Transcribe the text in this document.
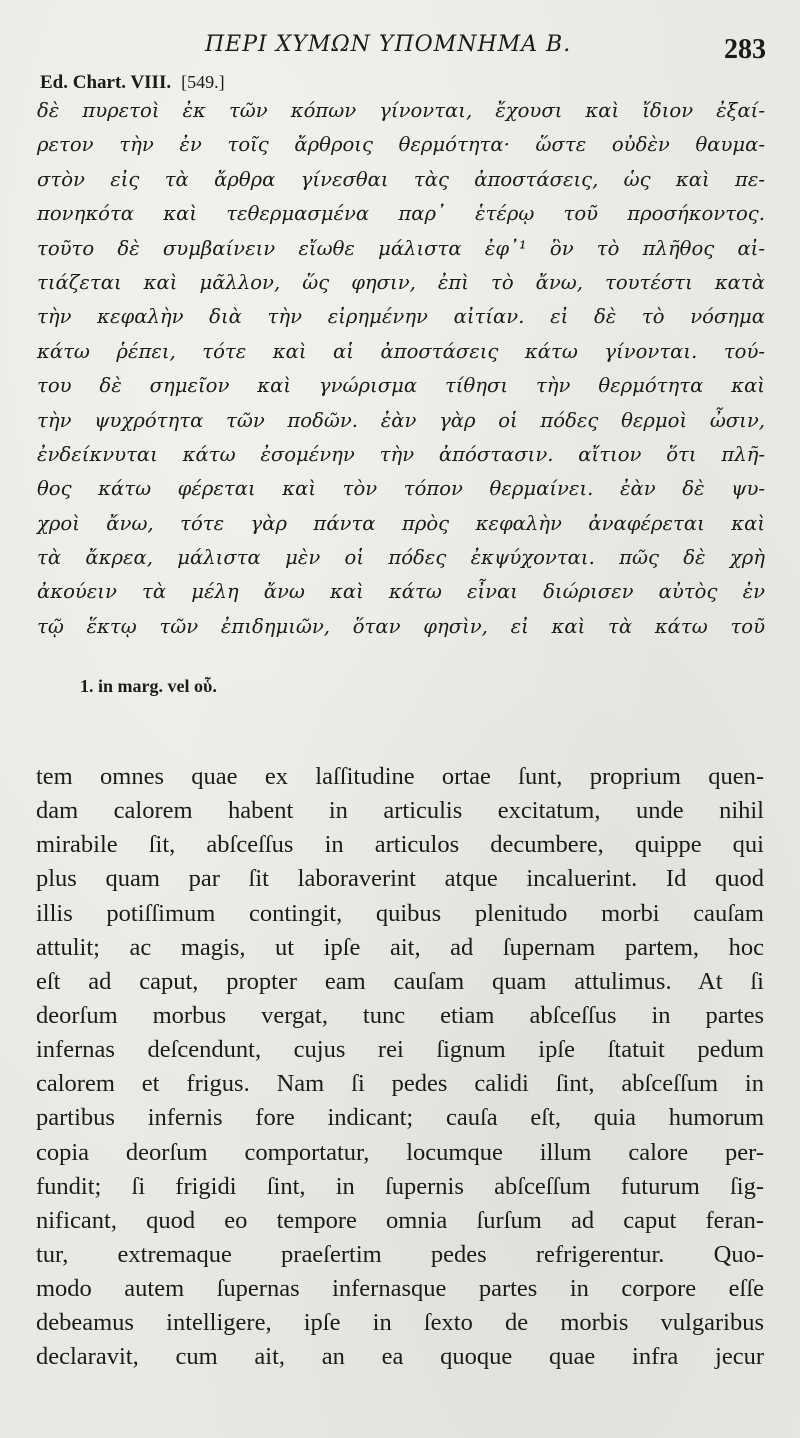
ΠΕΡΙ ΧΥΜΩΝ ΥΠΟΜΝΗΜΑ Β.	283
Ed. Chart. VIII. [549.]
δὲ πυρετοὶ ἐκ τῶν κόπων γίνονται, ἔχουσι καὶ ἴδιον ἐξαί-
ρετον τὴν ἐν τοῖς ἄρθροις θερμότητα· ὥστε οὐδὲν θαυμα-
στὸν εἰς τὰ ἄρθρα γίνεσθαι τὰς ἀποστάσεις, ὡς καὶ πε-
πονηκότα καὶ τεθερμασμένα παρ᾽ ἑτέρῳ τοῦ προσήκοντος.
τοῦτο δὲ συμβαίνειν εἴωθε μάλιστα ἐφ᾽¹ ὃν τὸ πλῆθος αἰ-
τιάζεται καὶ μᾶλλον, ὥς φησιν, ἐπὶ τὸ ἄνω, τουτέστι κατὰ
τὴν κεφαλὴν διὰ τὴν εἰρημένην αἰτίαν. εἰ δὲ τὸ νόσημα
κάτω ῥέπει, τότε καὶ αἱ ἀποστάσεις κάτω γίνονται. τού-
του δὲ σημεῖον καὶ γνώρισμα τίθησι τὴν θερμότητα καὶ
τὴν ψυχρότητα τῶν ποδῶν. ἐὰν γὰρ οἱ πόδες θερμοὶ ὦσιν,
ἐνδείκνυται κάτω ἐσομένην τὴν ἀπόστασιν. αἴτιον ὅτι πλῆ-
θος κάτω φέρεται καὶ τὸν τόπον θερμαίνει. ἐὰν δὲ ψυ-
χροὶ ἄνω, τότε γὰρ πάντα πρὸς κεφαλὴν ἀναφέρεται καὶ
τὰ ἄκρεα, μάλιστα μὲν οἱ πόδες ἐκψύχονται. πῶς δὲ χρὴ
ἀκούειν τὰ μέλη ἄνω καὶ κάτω εἶναι διώρισεν αὐτὸς ἐν
τῷ ἕκτῳ τῶν ἐπιδημιῶν, ὅταν φησὶν, εἰ καὶ τὰ κάτω τοῦ
1. in marg. vel οὗ.
tem omnes quae ex laſſitudine ortae ſunt, proprium quen-
dam calorem habent in articulis excitatum, unde nihil
mirabile ſit, abſceſſus in articulos decumbere, quippe qui
plus quam par ſit laboraverint atque incaluerint. Id quod
illis potiſſimum contingit, quibus plenitudo morbi cauſam
attulit; ac magis, ut ipſe ait, ad ſupernam partem, hoc
eſt ad caput, propter eam cauſam quam attulimus. At ſi
deorſum morbus vergat, tunc etiam abſceſſus in partes
infernas deſcendunt, cujus rei ſignum ipſe ſtatuit pedum
calorem et frigus. Nam ſi pedes calidi ſint, abſceſſum in
partibus infernis fore indicant; cauſa eſt, quia humorum
copia deorſum comportatur, locumque illum calore per-
fundit; ſi frigidi ſint, in ſupernis abſceſſum futurum ſig-
nificant, quod eo tempore omnia ſurſum ad caput feran-
tur, extremaque praeſertim pedes refrigerentur. Quo-
modo autem ſupernas infernasque partes in corpore eſſe
debeamus intelligere, ipſe in ſexto de morbis vulgaribus
declaravit, cum ait, an ea quoque quae infra jecur
